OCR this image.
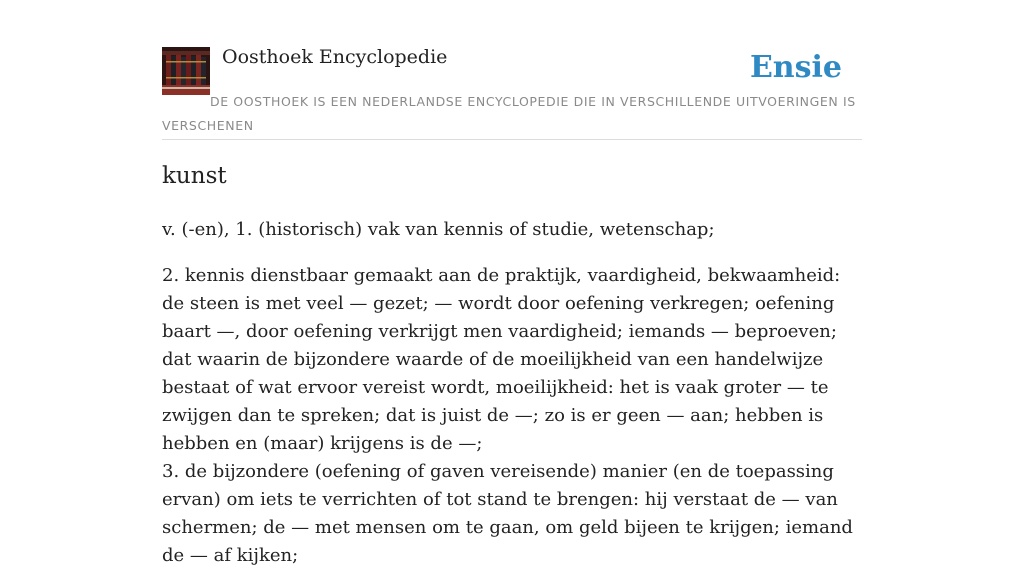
Oosthoek Encyclopedie	Ensie
DE OOSTHOEK IS EEN NEDERLANDSE ENCYCLOPEDIE DIE IN VERSCHILLENDE UITVOERINGEN IS VERSCHENEN
kunst

v. (-en), 1. (historisch) vak van kennis of studie, wetenschap;

2. kennis dienstbaar gemaakt aan de praktijk, vaardigheid, bekwaamheid: de steen is met veel — gezet; — wordt door oefening verkregen; oefening baart —, door oefening verkrijgt men vaardigheid; iemands — beproeven; dat waarin de bijzondere waarde of de moeilijkheid van een handelwijze bestaat of wat ervoor vereist wordt, moeilijkheid: het is vaak groter — te zwijgen dan te spreken; dat is juist de —; zo is er geen — aan; hebben is hebben en (maar) krijgens is de —;

3. de bijzondere (oefening of gaven vereisende) manier (en de toepassing ervan) om iets te verrichten of tot stand te brengen: hij verstaat de — van schermen; de — met mensen om te gaan, om geld bijeen te krijgen; iemand de — af kijken;
